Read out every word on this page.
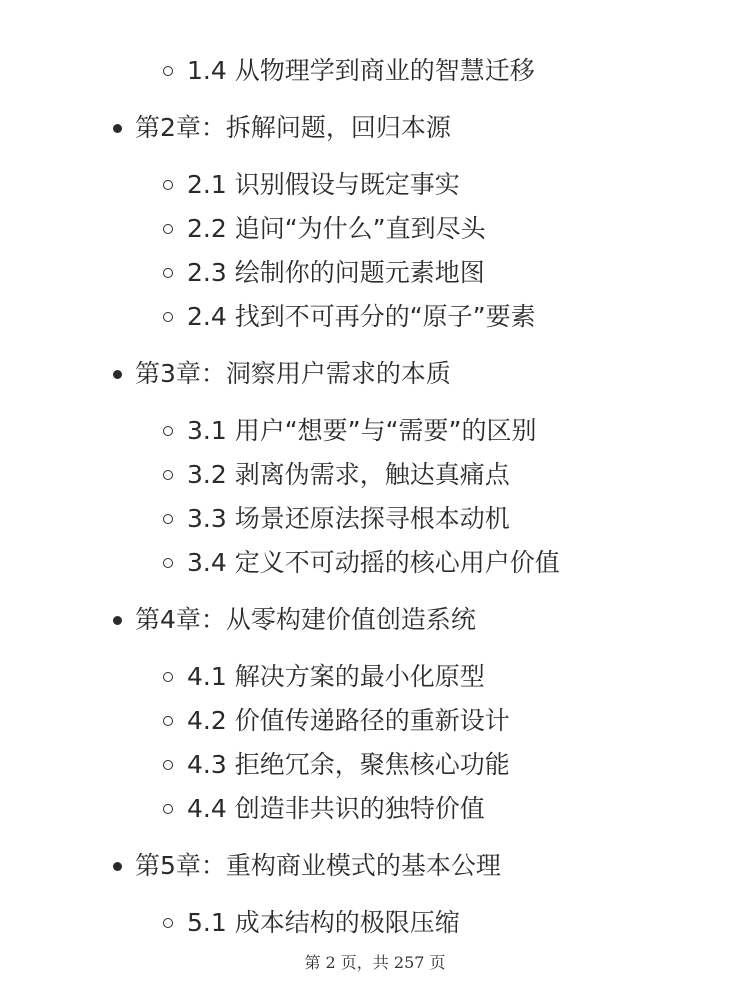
1.4 从物理学到商业的智慧迁移
第2章：拆解问题，回归本源
2.1 识别假设与既定事实
2.2 追问“为什么”直到尽头
2.3 绘制你的问题元素地图
2.4 找到不可再分的“原子”要素
第3章：洞察用户需求的本质
3.1 用户“想要”与“需要”的区别
3.2 剥离伪需求，触达真痛点
3.3 场景还原法探寻根本动机
3.4 定义不可动摇的核心用户价值
第4章：从零构建价值创造系统
4.1 解决方案的最小化原型
4.2 价值传递路径的重新设计
4.3 拒绝冗余，聚焦核心功能
4.4 创造非共识的独特价值
第5章：重构商业模式的基本公理
5.1 成本结构的极限压缩
第 2 页，共 257 页
